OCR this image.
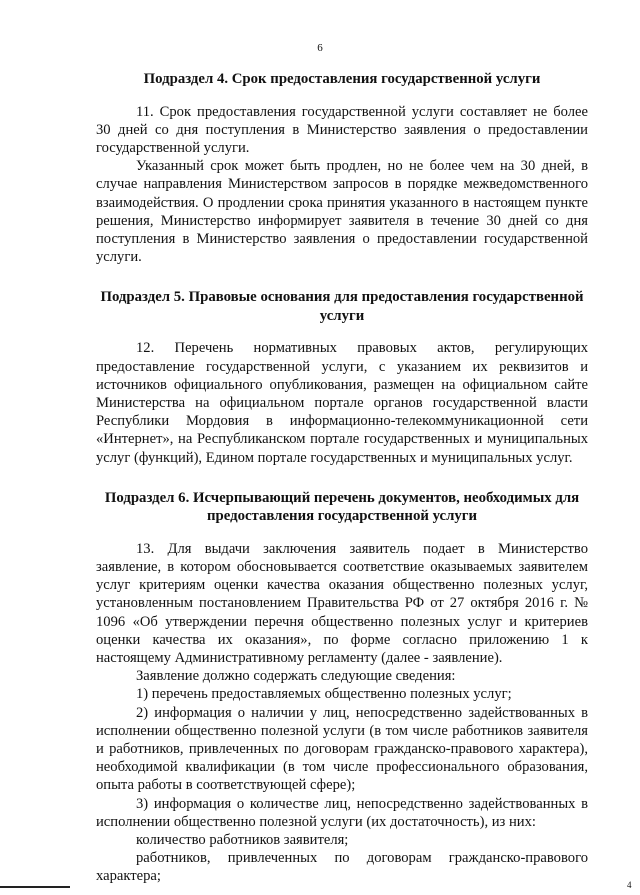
6
Подраздел 4. Срок предоставления государственной услуги

11. Срок предоставления государственной услуги составляет не более 30 дней со дня поступления в Министерство заявления о предоставлении государственной услуги.

Указанный срок может быть продлен, но не более чем на 30 дней, в случае направления Министерством запросов в порядке межведомственного взаимодействия. О продлении срока принятия указанного в настоящем пункте решения, Министерство информирует заявителя в течение 30 дней со дня поступления в Министерство заявления о предоставлении государственной услуги.

Подраздел 5. Правовые основания для предоставления государственной услуги

12. Перечень нормативных правовых актов, регулирующих предоставление государственной услуги, с указанием их реквизитов и источников официального опубликования, размещен на официальном сайте Министерства на официальном портале органов государственной власти Республики Мордовия в информационно-телекоммуникационной сети «Интернет», на Республиканском портале государственных и муниципальных услуг (функций), Едином портале государственных и муниципальных услуг.

Подраздел 6. Исчерпывающий перечень документов, необходимых для предоставления государственной услуги

13. Для выдачи заключения заявитель подает в Министерство заявление, в котором обосновывается соответствие оказываемых заявителем услуг критериям оценки качества оказания общественно полезных услуг, установленным постановлением Правительства РФ от 27 октября 2016 г. № 1096 «Об утверждении перечня общественно полезных услуг и критериев оценки качества их оказания», по форме согласно приложению 1 к настоящему Административному регламенту (далее - заявление).

Заявление должно содержать следующие сведения:

1) перечень предоставляемых общественно полезных услуг;

2) информация о наличии у лиц, непосредственно задействованных в исполнении общественно полезной услуги (в том числе работников заявителя и работников, привлеченных по договорам гражданско-правового характера), необходимой квалификации (в том числе профессионального образования, опыта работы в соответствующей сфере);

3) информация о количестве лиц, непосредственно задействованных в исполнении общественно полезной услуги (их достаточность), из них:

количество работников заявителя;

работников, привлеченных по договорам гражданско-правового характера;

4
